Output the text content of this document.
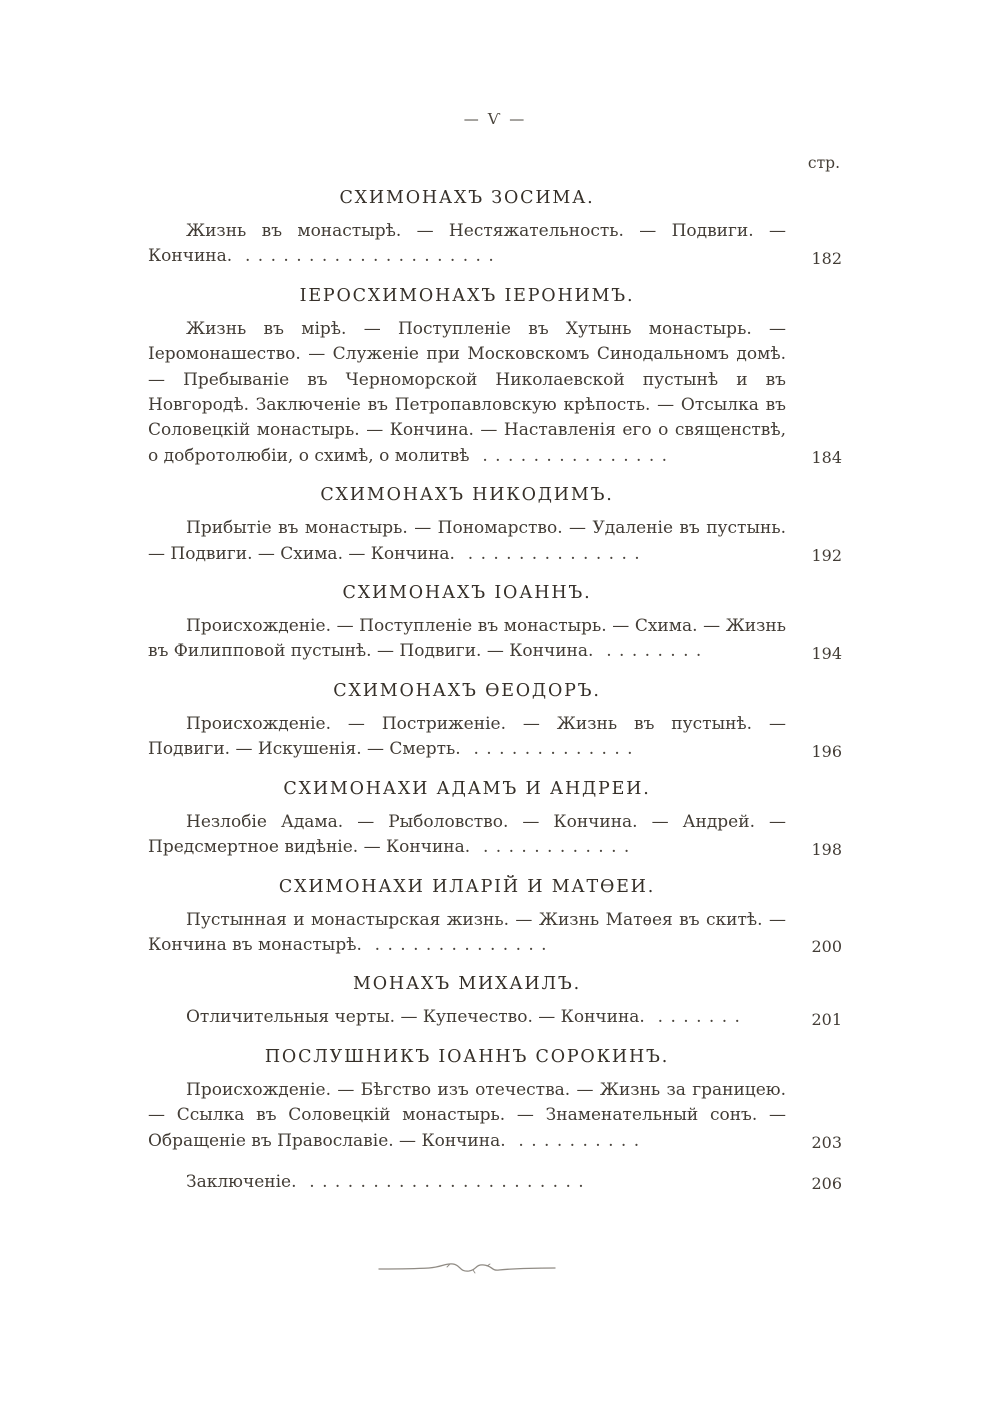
— Ѵ —
стр.
СХИМОНАХЪ ЗОСИМА.

Жизнь въ монастырѣ. — Нестяжательность. — Подвиги. — Кончина.  . . . . . . . . . . . . . . . . . . . .	182
ІЕРОСХИМОНАХЪ ІЕРОНИМЪ.

Жизнь въ мірѣ. — Поступленіе въ Хутынь монастырь. — Іеромонашество. — Служеніе при Московскомъ Синодальномъ домѣ. — Пребываніе въ Черноморской Николаевской пустынѣ и въ Новгородѣ. Заключеніе въ Петропавловскую крѣпость. — Отсылка въ Соловецкій монастырь. — Кончина. — Наставленія его о священствѣ, о добротолюбіи, о схимѣ, о молитвѣ  . . . . . . . . . . . . . . .	184
СХИМОНАХЪ НИКОДИМЪ.

Прибытіе въ монастырь. — Пономарство. — Удаленіе въ пустынь. — Подвиги. — Схима. — Кончина.  . . . . . . . . . . . . . .	192
СХИМОНАХЪ ІОАННЪ.

Происхожденіе. — Поступленіе въ монастырь. — Схима. — Жизнь въ Филипповой пустынѣ. — Подвиги. — Кончина.  . . . . . . . .	194
СХИМОНАХЪ ѲЕОДОРЪ.

Происхожденіе. — Постриженіе. — Жизнь въ пустынѣ. — Подвиги. — Искушенія. — Смерть.  . . . . . . . . . . . . .	196
СХИМОНАХИ АДАМЪ И АНДРЕИ.

Незлобіе Адама. — Рыболовство. — Кончина. — Андрей. — Предсмертное видѣніе. — Кончина.  . . . . . . . . . . . .	198
СХИМОНАХИ ИЛАРІЙ И МАТѲЕИ.

Пустынная и монастырская жизнь. — Жизнь Матѳея въ скитѣ. — Кончина въ монастырѣ.  . . . . . . . . . . . . . .	200
МОНАХЪ МИХАИЛЪ.

Отличительныя черты. — Купечество. — Кончина.  . . . . . . .	201
ПОСЛУШНИКЪ ІОАННЪ СОРОКИНЪ.

Происхожденіе. — Бѣгство изъ отечества. — Жизнь за границею. — Ссылка въ Соловецкій монастырь. — Знаменательный сонъ. — Обращеніе въ Православіе. — Кончина.  . . . . . . . . . .	203

Заключеніе.  . . . . . . . . . . . . . . . . . . . . . .	206
